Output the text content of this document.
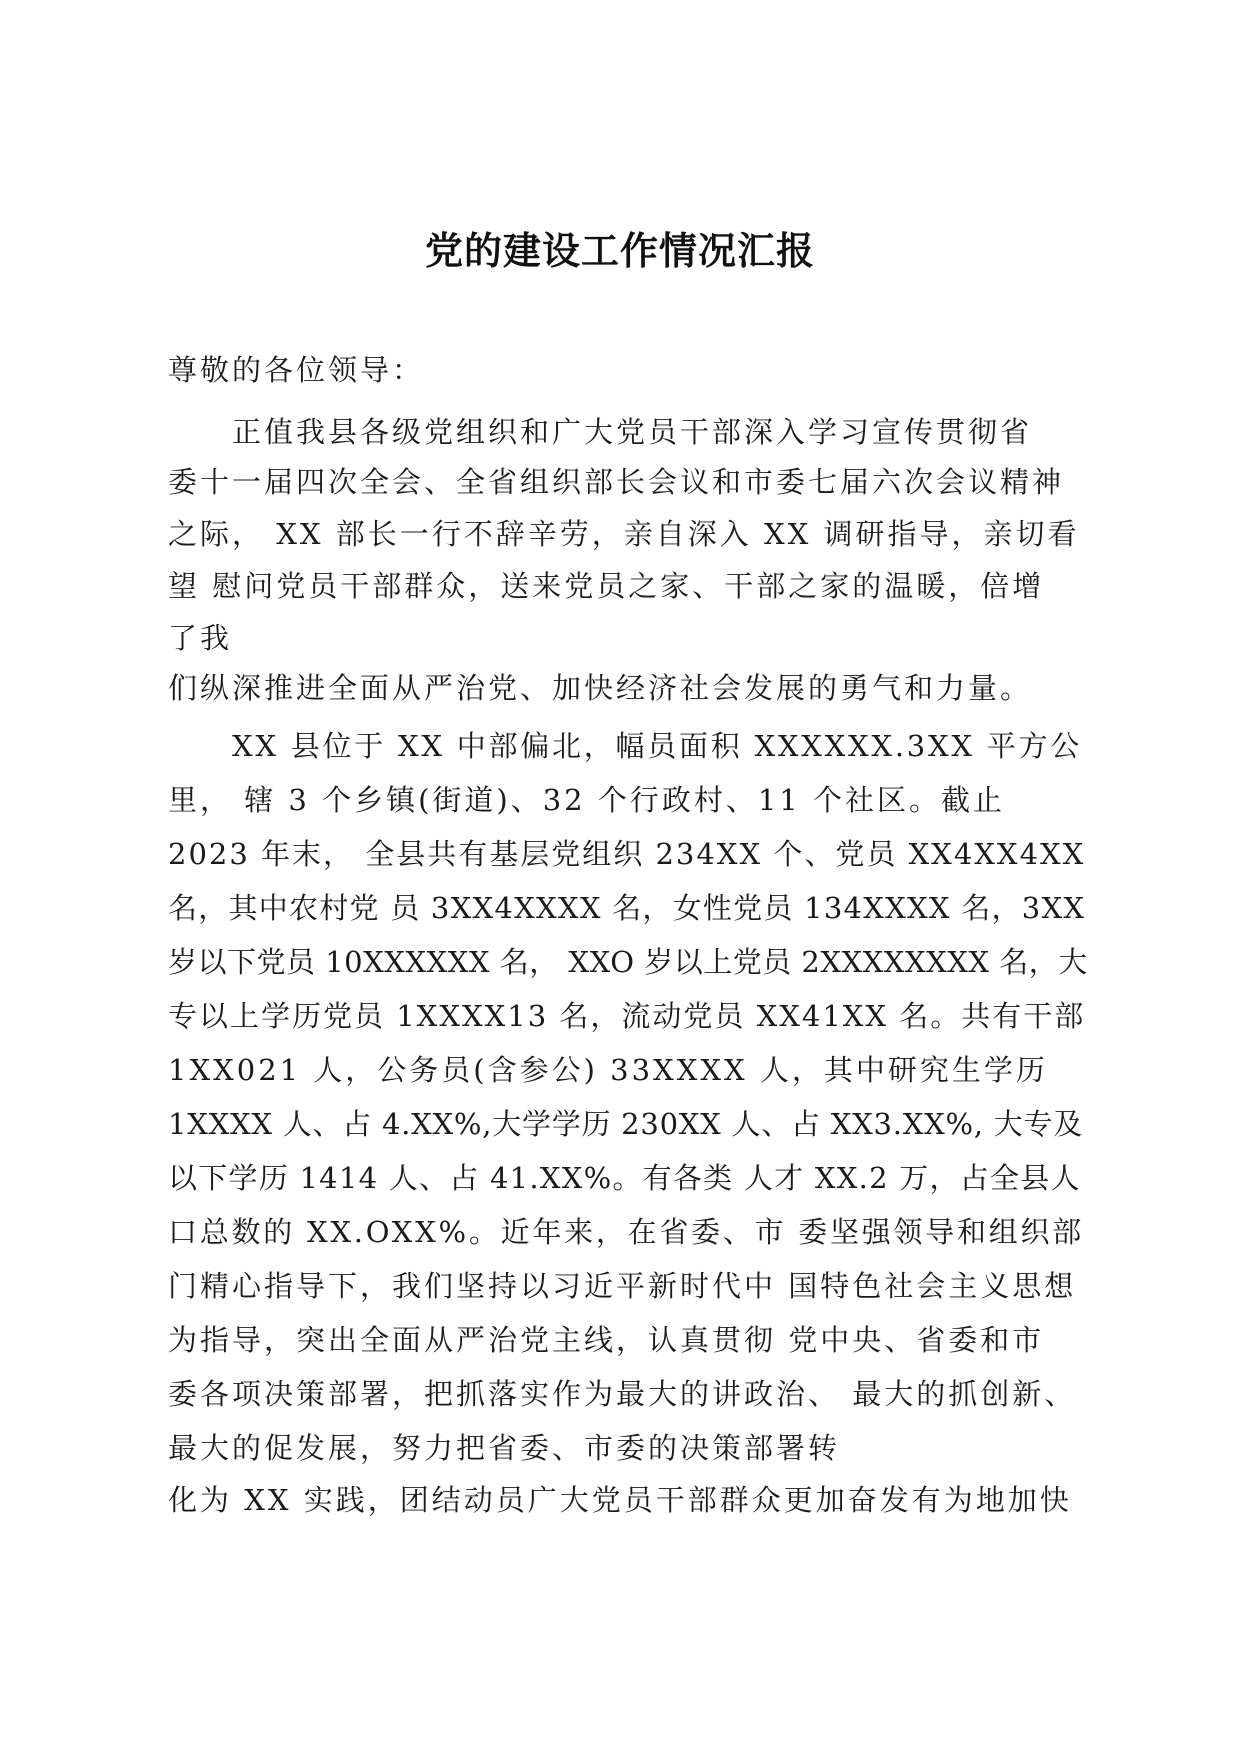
党的建设工作情况汇报

尊敬的各位领导：

正值我县各级党组织和广大党员干部深入学习宣传贯彻省

委十一届四次全会、全省组织部长会议和市委七届六次会议精神

之际， XX 部长一行不辞辛劳，亲自深入 XX 调研指导，亲切看

望 慰问党员干部群众，送来党员之家、干部之家的温暖，倍增

了我

们纵深推进全面从严治党、加快经济社会发展的勇气和力量。

XX 县位于 XX 中部偏北，幅员面积 XXXXXX.3XX 平方公

里， 辖 3 个乡镇(街道)、32 个行政村、11 个社区。截止

2023 年末， 全县共有基层党组织 234XX 个、党员 XX4XX4XX

名，其中农村党 员 3XX4XXXX 名，女性党员 134XXXX 名，3XX

岁以下党员 10XXXXXX 名， XXO 岁以上党员 2XXXXXXXX 名，大

专以上学历党员 1XXXX13 名，流动党员 XX41XX 名。共有干部

1XX021 人，公务员(含参公) 33XXXX 人，其中研究生学历

1XXXX 人、占 4.XX%,大学学历 230XX 人、占 XX3.XX%, 大专及

以下学历 1414 人、占 41.XX%。有各类 人才 XX.2 万，占全县人

口总数的 XX.OXX%。近年来，在省委、市 委坚强领导和组织部

门精心指导下，我们坚持以习近平新时代中 国特色社会主义思想

为指导，突出全面从严治党主线，认真贯彻 党中央、省委和市

委各项决策部署，把抓落实作为最大的讲政治、 最大的抓创新、

最大的促发展，努力把省委、市委的决策部署转

化为 XX 实践，团结动员广大党员干部群众更加奋发有为地加快
